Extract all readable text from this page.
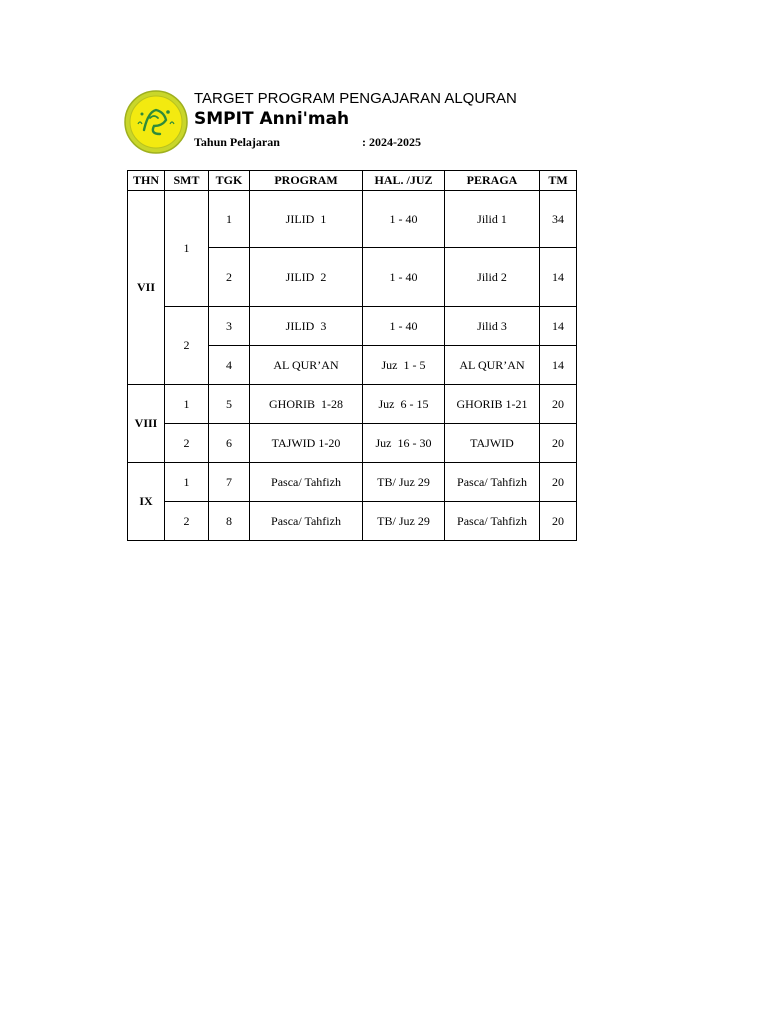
TARGET PROGRAM PENGAJARAN ALQURAN
SMPIT Anni'mah
Tahun Pelajaran	: 2024-2025
THN	SMT	TGK	PROGRAM	HAL. /JUZ	PERAGA	TM
VII	1	1	JILID  1	1 - 40	Jilid 1	34
		2	JILID  2	1 - 40	Jilid 2	14
	2	3	JILID  3	1 - 40	Jilid 3	14
		4	AL QUR’AN	Juz  1 - 5	AL QUR’AN	14
VIII	1	5	GHORIB  1-28	Juz  6 - 15	GHORIB 1-21	20
	2	6	TAJWID 1-20	Juz  16 - 30	TAJWID	20
IX	1	7	Pasca/ Tahfizh	TB/ Juz 29	Pasca/ Tahfizh	20
	2	8	Pasca/ Tahfizh	TB/ Juz 29	Pasca/ Tahfizh	20
